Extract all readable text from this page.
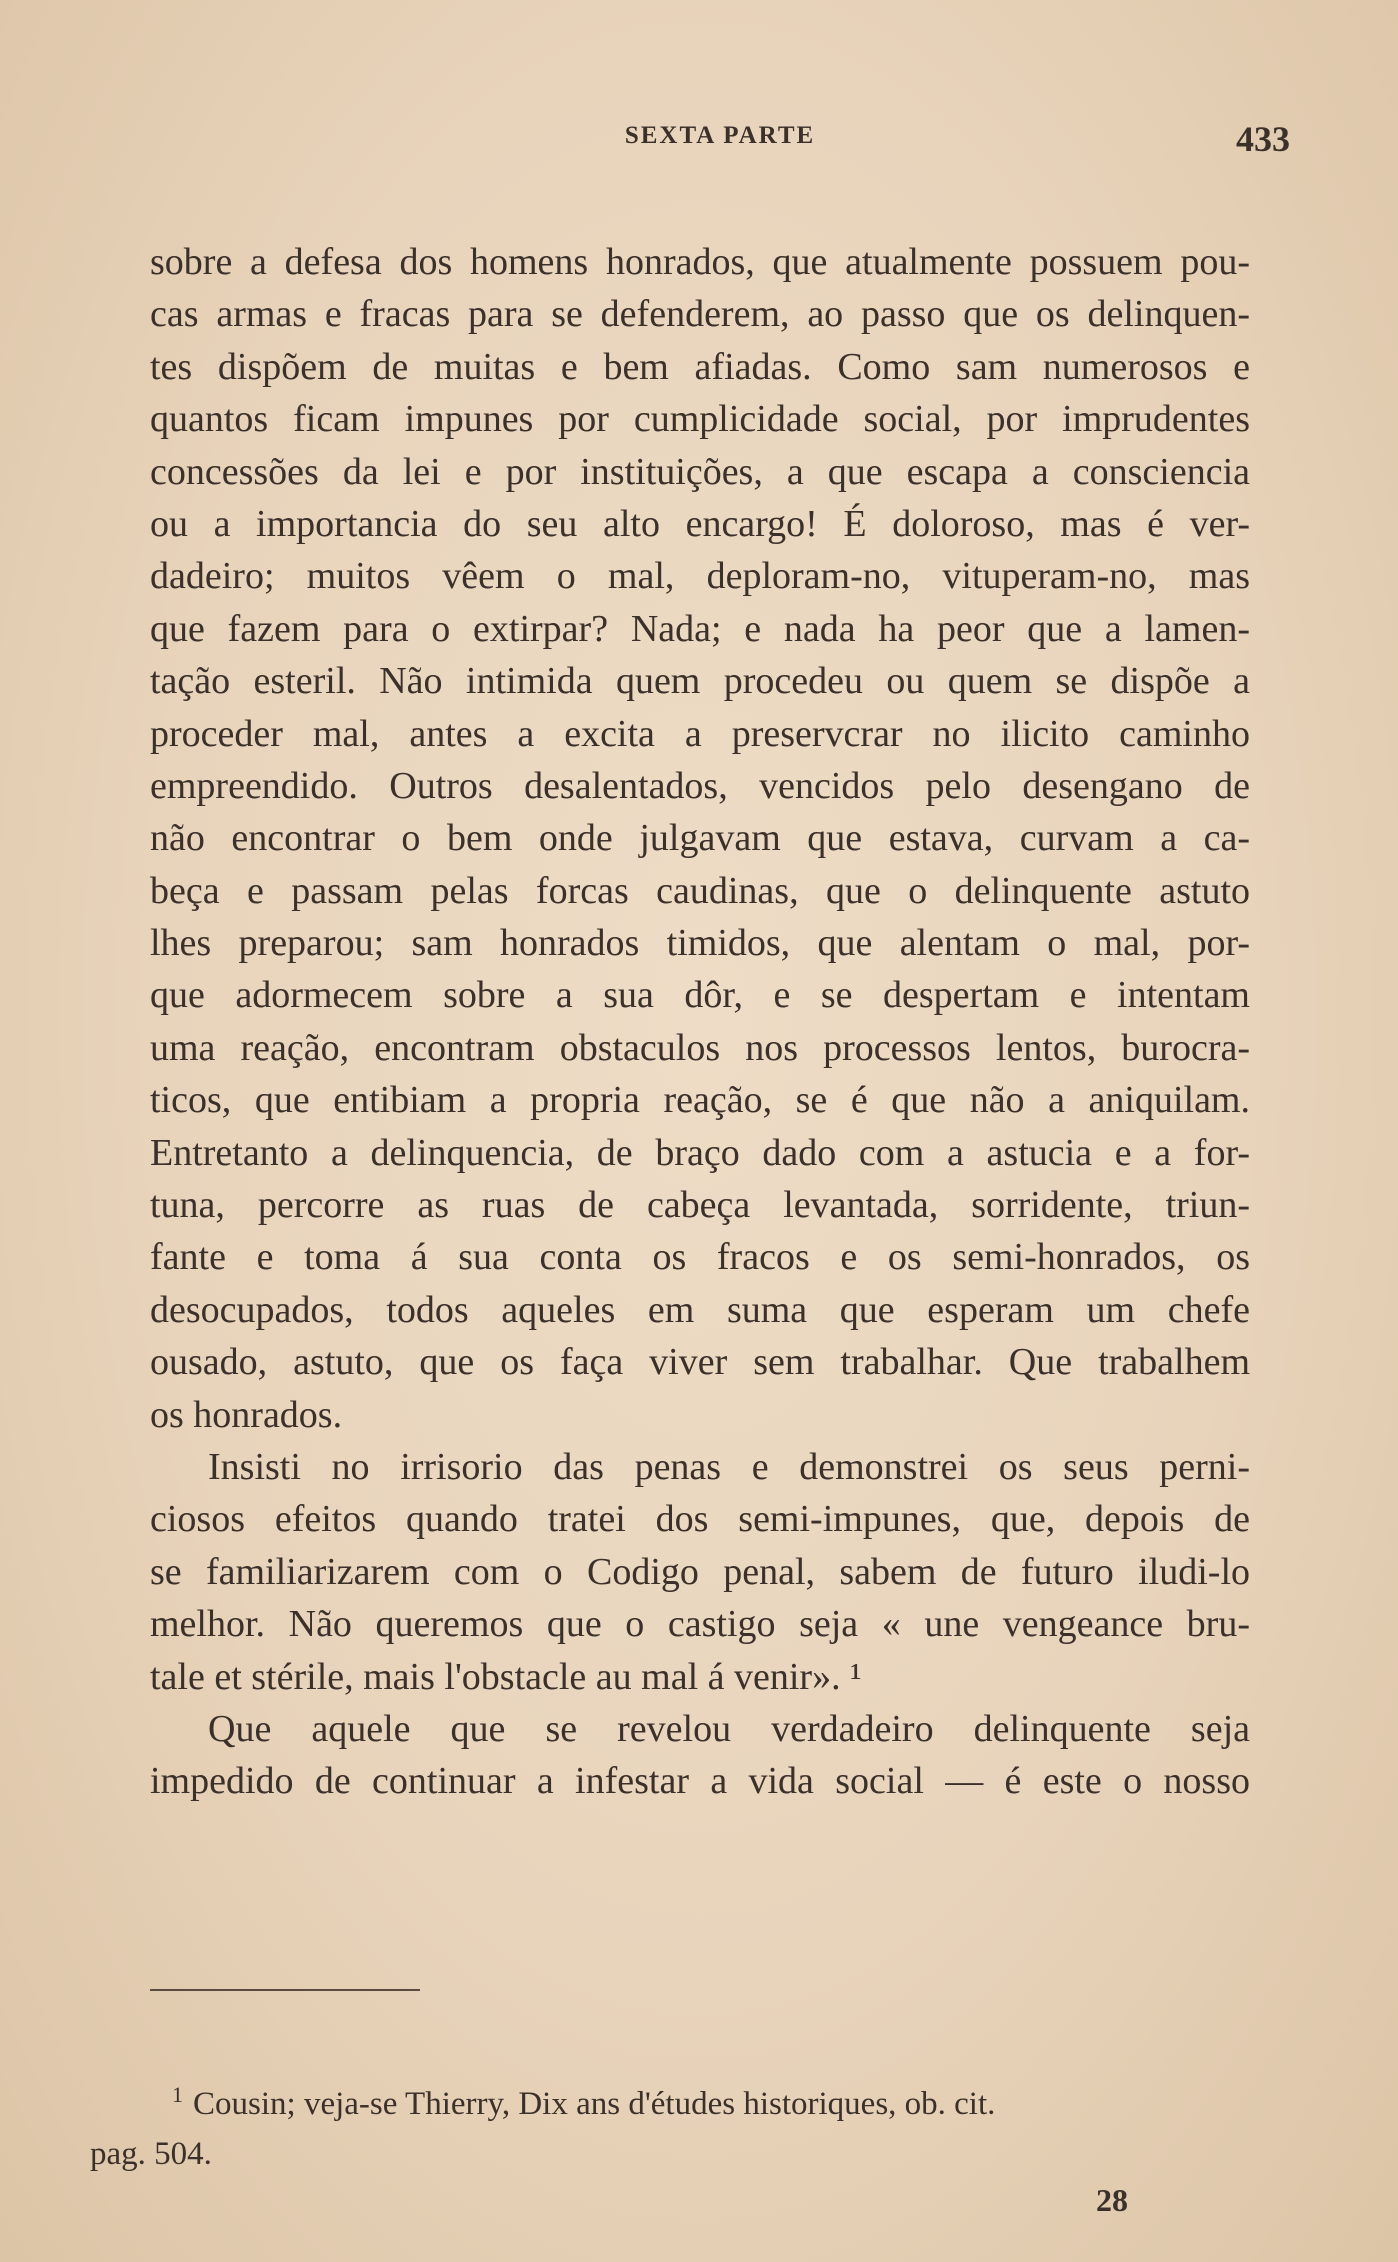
SEXTA PARTE	433
sobre a defesa dos homens honrados, que atualmente possuem pou-
cas armas e fracas para se defenderem, ao passo que os delinquen-
tes dispõem de muitas e bem afiadas. Como sam numerosos e
quantos ficam impunes por cumplicidade social, por imprudentes
concessões da lei e por instituições, a que escapa a consciencia
ou a importancia do seu alto encargo! É doloroso, mas é ver-
dadeiro; muitos vêem o mal, deploram-no, vituperam-no, mas
que fazem para o extirpar? Nada; e nada ha peor que a lamen-
tação esteril. Não intimida quem procedeu ou quem se dispõe a
proceder mal, antes a excita a preservcrar no ilicito caminho
empreendido. Outros desalentados, vencidos pelo desengano de
não encontrar o bem onde julgavam que estava, curvam a ca-
beça e passam pelas forcas caudinas, que o delinquente astuto
lhes preparou; sam honrados timidos, que alentam o mal, por-
que adormecem sobre a sua dôr, e se despertam e intentam
uma reação, encontram obstaculos nos processos lentos, burocra-
ticos, que entibiam a propria reação, se é que não a aniquilam.
Entretanto a delinquencia, de braço dado com a astucia e a for-
tuna, percorre as ruas de cabeça levantada, sorridente, triun-
fante e toma á sua conta os fracos e os semi-honrados, os
desocupados, todos aqueles em suma que esperam um chefe
ousado, astuto, que os faça viver sem trabalhar. Que trabalhem
os honrados.
Insisti no irrisorio das penas e demonstrei os seus perni-
ciosos efeitos quando tratei dos semi-impunes, que, depois de
se familiarizarem com o Codigo penal, sabem de futuro iludi-lo
melhor. Não queremos que o castigo seja « une vengeance bru-
tale et stérile, mais l'obstacle au mal á venir». ¹
Que aquele que se revelou verdadeiro delinquente seja
impedido de continuar a infestar a vida social — é este o nosso
$^1$ Cousin; veja-se Thierry, Dix ans d'études historiques, ob. cit.
pag. 504.
28
